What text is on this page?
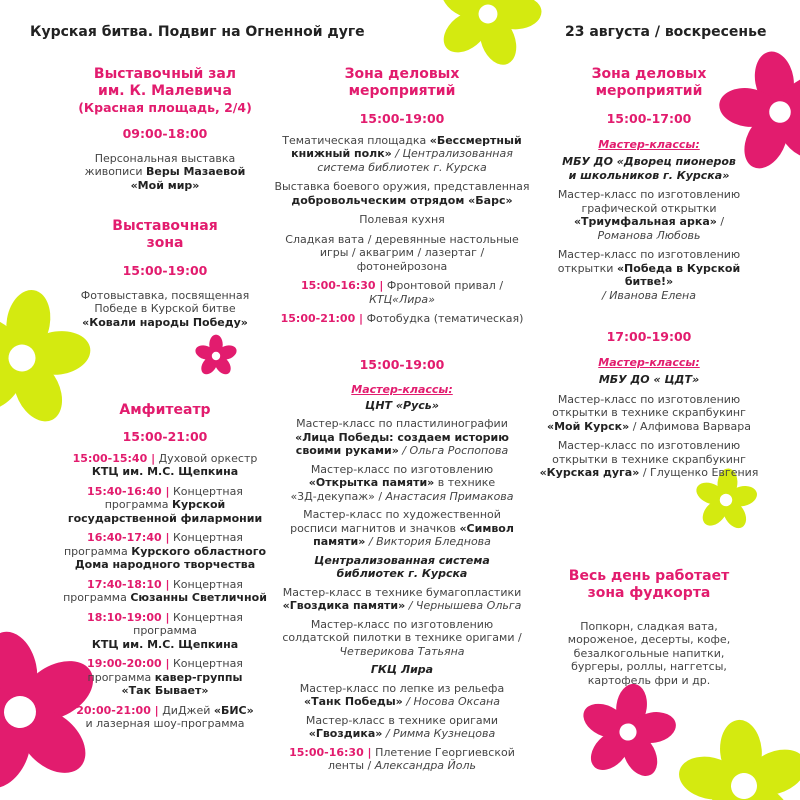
Курская битва. Подвиг на Огненной дуге	23 августа / воскресенье

Выставочный зал
им. К. Малевича

(Красная площадь, 2/4)

09:00-18:00

Персональная выставка
живописи Веры Мазаевой
«Мой мир»

Выставочная
зона

15:00-19:00

Фотовыставка, посвященная
Победе в Курской битве
«Ковали народы Победу»

Амфитеатр

15:00-21:00

15:00-15:40 | Духовой оркестр
КТЦ им. М.С. Щепкина

15:40-16:40 | Концертная
программа Курской
государственной филармонии

16:40-17:40 | Концертная
программа Курского областного
Дома народного творчества

17:40-18:10 | Концертная
программа Сюзанны Светличной

18:10-19:00 | Концертная
программа
КТЦ им. М.С. Щепкина

19:00-20:00 | Концертная
программа кавер-группы
«Так Бывает»

20:00-21:00 | ДиДжей «БИС»
и лазерная шоу-программа

Зона деловых
мероприятий

15:00-19:00

Тематическая площадка «Бессмертный
книжный полк» / Централизованная
система библиотек г. Курска

Выставка боевого оружия, представленная
добровольческим отрядом «Барс»

Полевая кухня

Сладкая вата / деревянные настольные
игры / аквагрим / лазертаг /
фотонейрозона

15:00-16:30 | Фронтовой привал /
КТЦ«Лира»

15:00-21:00 | Фотобудка (тематическая)

15:00-19:00

Мастер-классы:

ЦНТ «Русь»

Мастер-класс по пластилинографии
«Лица Победы: создаем историю
своими руками» / Ольга Роспопова

Мастер-класс по изготовлению
«Открытка памяти» в технике
«3Д-декупаж» / Анастасия Примакова

Мастер-класс по художественной
росписи магнитов и значков «Символ
памяти» / Виктория Бледнова

Централизованная система
библиотек г. Курска

Мастер-класс в технике бумагопластики
«Гвоздика памяти» / Чернышева Ольга

Мастер-класс по изготовлению
солдатской пилотки в технике оригами /
Четверикова Татьяна

ГКЦ Лира

Мастер-класс по лепке из рельефа
«Танк Победы» / Носова Оксана

Мастер-класс в технике оригами
«Гвоздика» / Римма Кузнецова

15:00-16:30 | Плетение Георгиевской
ленты / Александра Йоль

Зона деловых
мероприятий

15:00-17:00

Мастер-классы:

МБУ ДО «Дворец пионеров
и школьников г. Курска»

Мастер-класс по изготовлению
графической открытки
«Триумфальная арка» /
Романова Любовь

Мастер-класс по изготовлению
открытки «Победа в Курской битве!»
/ Иванова Елена

17:00-19:00

Мастер-классы:

МБУ ДО « ЦДТ»

Мастер-класс по изготовлению
открытки в технике скрапбукинг
«Мой Курск» / Алфимова Варвара

Мастер-класс по изготовлению
открытки в технике скрапбукинг
«Курская дуга» / Глущенко Евгения

Весь день работает
зона фудкорта

Попкорн, сладкая вата,
мороженое, десерты, кофе,
безалкогольные напитки,
бургеры, роллы, наггетсы,
картофель фри и др.
